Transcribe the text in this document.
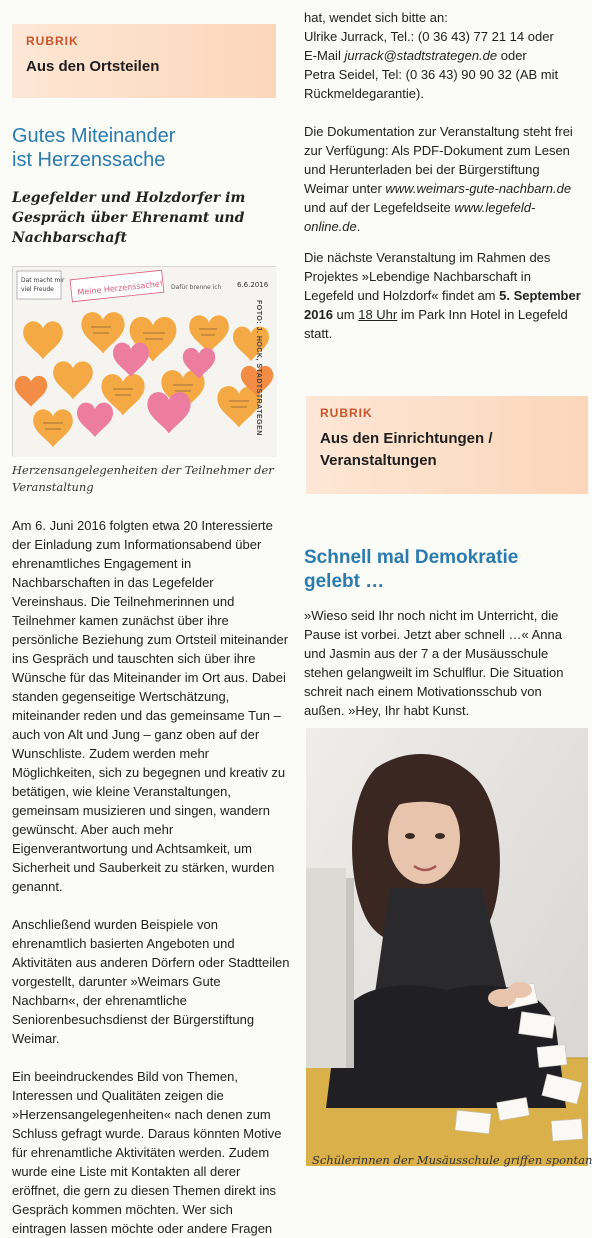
RUBRIK
Aus den Ortsteilen
Gutes Miteinander
ist Herzenssache
Legefelder und Holzdorfer im
Gespräch über Ehrenamt und
Nachbarschaft
Dat macht mir
viel Freude	Meine Herzenssache! Dafür brenne ich 6.6.2016
FOTO: J. HOCK, STADTSTRATEGEN
Herzensangelegenheiten der Teilnehmer der
Veranstaltung

Am 6. Juni 2016 folgten etwa 20 Interessierte der Einladung zum Informationsabend über ehrenamtliches Engagement in Nachbarschaften in das Legefelder Vereinshaus. Die Teilnehmerinnen und Teilnehmer kamen zunächst über ihre persönliche Beziehung zum Ortsteil miteinander ins Gespräch und tauschten sich über ihre Wünsche für das Miteinander im Ort aus. Dabei standen gegenseitige Wertschätzung, miteinander reden und das gemeinsame Tun – auch von Alt und Jung – ganz oben auf der Wunschliste. Zudem werden mehr Möglichkeiten, sich zu begegnen und kreativ zu betätigen, wie kleine Veranstaltungen, gemeinsam musizieren und singen, wandern gewünscht. Aber auch mehr Eigenverantwortung und Achtsamkeit, um Sicherheit und Sauberkeit zu stärken, wurden genannt.

Anschließend wurden Beispiele von ehrenamtlich basierten Angeboten und Aktivitäten aus anderen Dörfern oder Stadtteilen vorgestellt, darunter »Weimars Gute Nachbarn«, der ehrenamtliche Seniorenbesuchsdienst der Bürgerstiftung Weimar.

Ein beeindruckendes Bild von Themen, Interessen und Qualitäten zeigen die »Herzensangelegenheiten« nach denen zum Schluss gefragt wurde. Daraus könnten Motive für ehrenamtliche Aktivitäten werden. Zudem wurde eine Liste mit Kontakten all derer eröffnet, die gern zu diesen Themen direkt ins Gespräch kommen möchten. Wer sich eintragen lassen möchte oder andere Fragen

hat, wendet sich bitte an:
Ulrike Jurrack, Tel.: (0 36 43) 77 21 14 oder
E-Mail jurrack@stadtstrategen.de oder
Petra Seidel, Tel: (0 36 43) 90 90 32 (AB mit
Rückmeldegarantie).
Die Dokumentation zur Veranstaltung steht frei zur Verfügung: Als PDF-Dokument zum Lesen und Herunterladen bei der Bürgerstiftung Weimar unter www.weimars-gute-nachbarn.de und auf der Legefeldseite www.legefeld-online.de.
Die nächste Veranstaltung im Rahmen des Projektes »Lebendige Nachbarschaft in Legefeld und Holzdorf« findet am 5. September 2016 um 18 Uhr im Park Inn Hotel in Legefeld statt.
RUBRIK
Aus den Einrichtungen /
Veranstaltungen
Schnell mal Demokratie
gelebt …
»Wieso seid Ihr noch nicht im Unterricht, die Pause ist vorbei. Jetzt aber schnell …« Anna und Jasmin aus der 7 a der Musäusschule stehen gelangweilt im Schulflur. Die Situation schreit nach einem Motivationsschub von außen. »Hey, Ihr habt Kunst.
Schülerinnen der Musäusschule griffen spontan
